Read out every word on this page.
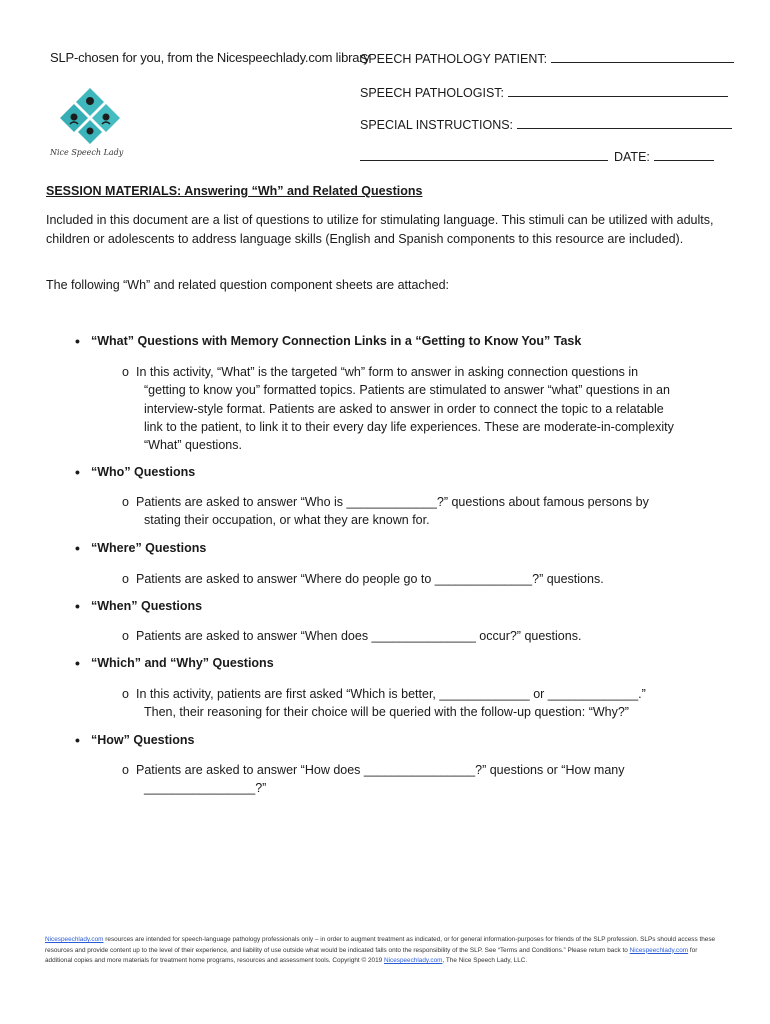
SLP-chosen for you, from the Nicespeechlady.com library
Nice Speech Lady
SPEECH PATHOLOGY PATIENT:
SPEECH PATHOLOGIST:
SPECIAL INSTRUCTIONS:
DATE:
SESSION MATERIALS: Answering “Wh” and Related Questions
Included in this document are a list of questions to utilize for stimulating language. This stimuli can be utilized with adults, children or adolescents to address language skills (English and Spanish components to this resource are included).
The following “Wh” and related question component sheets are attached:
• “What” Questions with Memory Connection Links in a “Getting to Know You” Task
o In this activity, “What” is the targeted “wh” form to answer in asking connection questions in
“getting to know you” formatted topics. Patients are stimulated to answer “what” questions in an
interview-style format. Patients are asked to answer in order to connect the topic to a relatable
link to the patient, to link it to their every day life experiences. These are moderate-in-complexity
“What” questions.
• “Who” Questions
o Patients are asked to answer “Who is _____________?” questions about famous persons by
stating their occupation, or what they are known for.
• “Where” Questions
o Patients are asked to answer “Where do people go to ______________?” questions.
• “When” Questions
o Patients are asked to answer “When does _______________ occur?” questions.
• “Which” and “Why” Questions
o In this activity, patients are first asked “Which is better, _____________ or _____________.”
Then, their reasoning for their choice will be queried with the follow-up question: “Why?”
• “How” Questions
o Patients are asked to answer “How does ________________?” questions or “How many
________________?”
Nicespeechlady.com resources are intended for speech-language pathology professionals only – in order to augment treatment as indicated, or for general information-purposes for friends of the SLP profession. SLPs should access these resources and provide content up to the level of their experience, and liability of use outside what would be indicated falls onto the responsibility of the SLP. See “Terms and Conditions.” Please return back to Nicespeechlady.com for additional copies and more materials for treatment home programs, resources and assessment tools. Copyright © 2019 Nicespeechlady.com, The Nice Speech Lady, LLC.
